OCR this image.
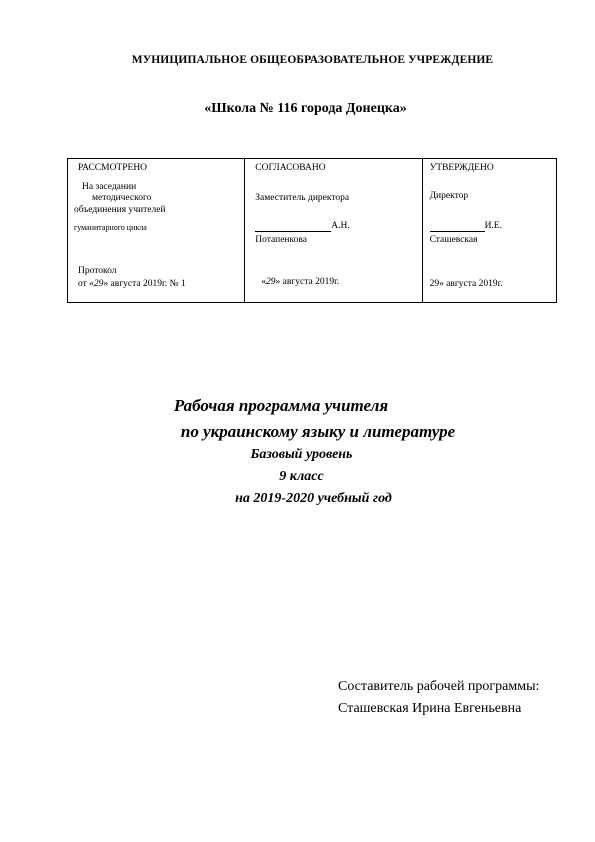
МУНИЦИПАЛЬНОЕ ОБЩЕОБРАЗОВАТЕЛЬНОЕ УЧРЕЖДЕНИЕ
«Школа № 116 города Донецка»
РАССМОТРЕНО
На заседании
методического
объединения учителей
гуманитарного цикла
Протокол
от «29» августа 2019г. № 1
СОГЛАСОВАНО
Заместитель директора
А.Н.
Потапенкова
«29» августа 2019г.
УТВЕРЖДЕНО
Директор
И.Е.
Сташевская
29» августа 2019г.
Рабочая программа учителя
по украинскому языку и литературе
Базовый уровень
9 класс
на 2019-2020 учебный год
Составитель рабочей программы:
Сташевская Ирина Евгеньевна
